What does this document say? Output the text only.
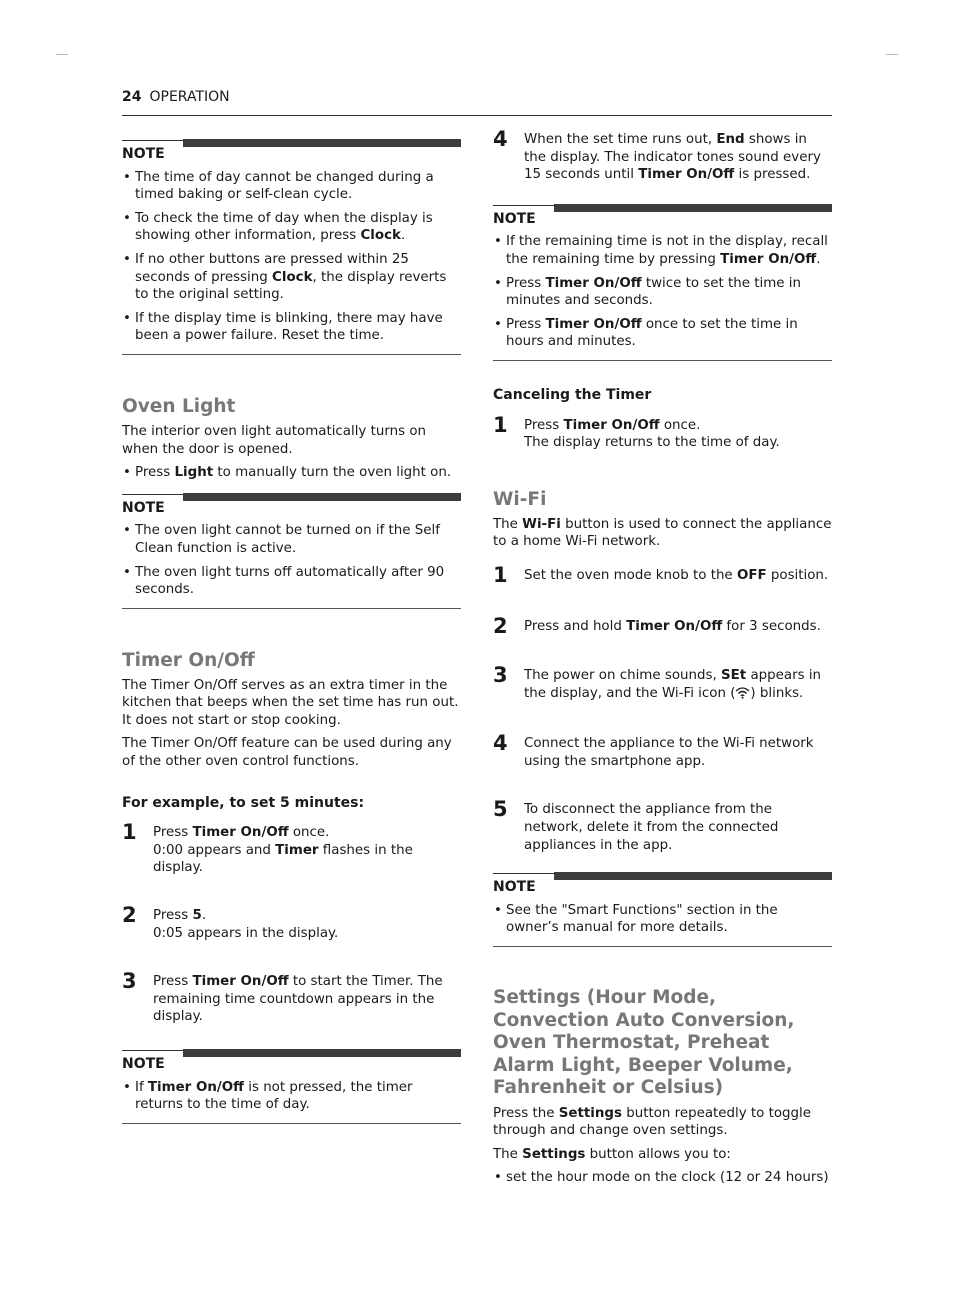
24 OPERATION
NOTE
• The time of day cannot be changed during a timed baking or self-clean cycle.
• To check the time of day when the display is showing other information, press Clock.
• If no other buttons are pressed within 25 seconds of pressing Clock, the display reverts to the original setting.
• If the display time is blinking, there may have been a power failure. Reset the time.
Oven Light

The interior oven light automatically turns on when the door is opened.

• Press Light to manually turn the oven light on.
NOTE
• The oven light cannot be turned on if the Self Clean function is active.
• The oven light turns off automatically after 90 seconds.
Timer On/Off

The Timer On/Off serves as an extra timer in the kitchen that beeps when the set time has run out. It does not start or stop cooking.

The Timer On/Off feature can be used during any of the other oven control functions.

For example, to set 5 minutes:
1 Press Timer On/Off once.
0:00 appears and Timer flashes in the display.
2 Press 5.
0:05 appears in the display.
3 Press Timer On/Off to start the Timer. The remaining time countdown appears in the display.
NOTE
• If Timer On/Off is not pressed, the timer returns to the time of day.
4 When the set time runs out, End shows in the display. The indicator tones sound every 15 seconds until Timer On/Off is pressed.
NOTE
• If the remaining time is not in the display, recall the remaining time by pressing Timer On/Off.
• Press Timer On/Off twice to set the time in minutes and seconds.
• Press Timer On/Off once to set the time in hours and minutes.
Canceling the Timer
1 Press Timer On/Off once.
The display returns to the time of day.
Wi-Fi

The Wi-Fi button is used to connect the appliance to a home Wi-Fi network.

1 Set the oven mode knob to the OFF position.
2 Press and hold Timer On/Off for 3 seconds.
3 The power on chime sounds, SEt appears in the display, and the Wi-Fi icon ( ) blinks.
4 Connect the appliance to the Wi-Fi network using the smartphone app.
5 To disconnect the appliance from the network, delete it from the connected appliances in the app.
NOTE
• See the "Smart Functions" section in the owner’s manual for more details.
Settings (Hour Mode, Convection Auto Conversion, Oven Thermostat, Preheat Alarm Light, Beeper Volume, Fahrenheit or Celsius)

Press the Settings button repeatedly to toggle through and change oven settings.

The Settings button allows you to:

• set the hour mode on the clock (12 or 24 hours)
